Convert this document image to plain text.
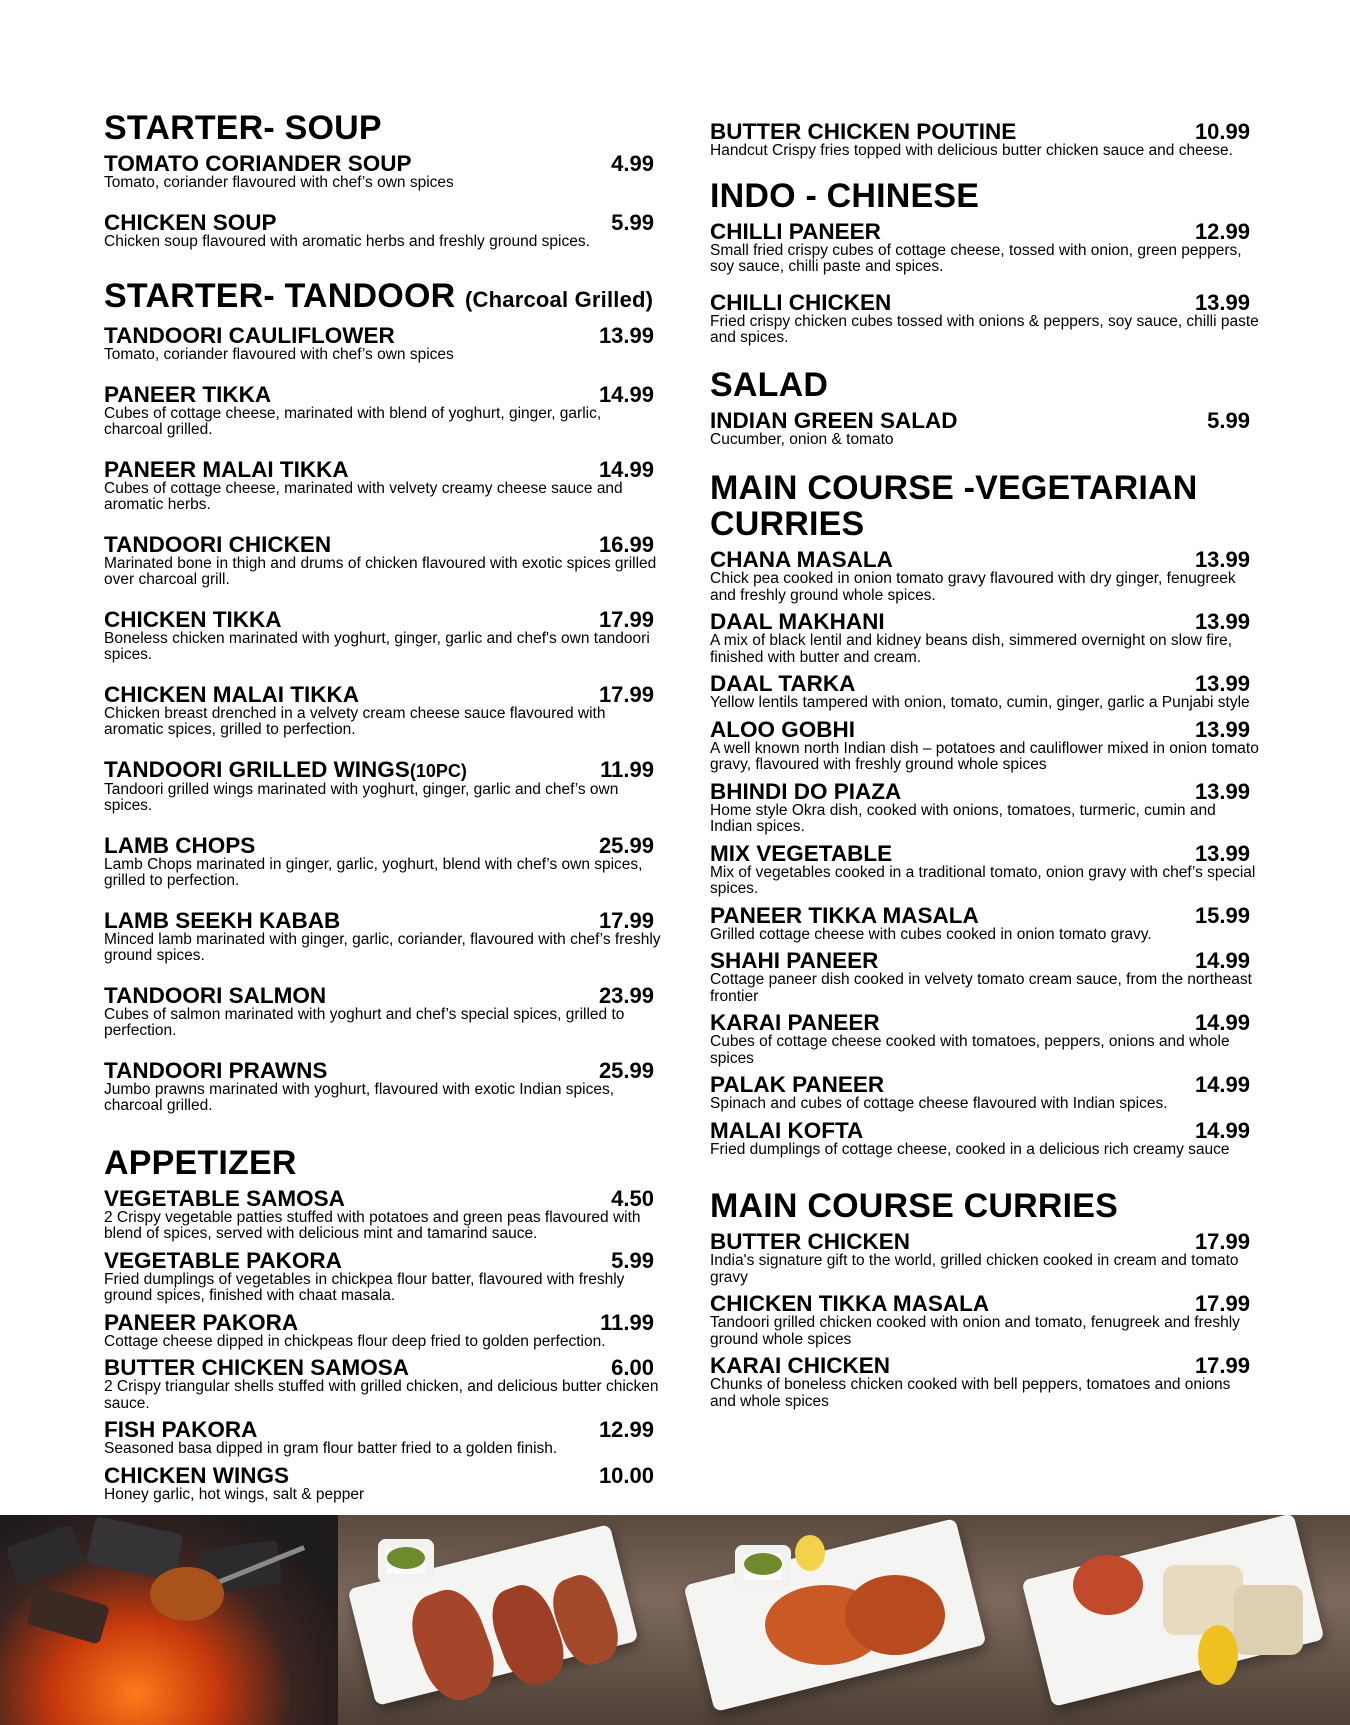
STARTER- SOUP
TOMATO CORIANDER SOUP	4.99
Tomato, coriander flavoured with chef’s own spices
CHICKEN SOUP	5.99
Chicken soup flavoured with aromatic herbs and freshly ground spices.
STARTER- TANDOOR (Charcoal Grilled)
TANDOORI CAULIFLOWER	13.99
Tomato, coriander flavoured with chef’s own spices
PANEER TIKKA	14.99
Cubes of cottage cheese, marinated with blend of yoghurt, ginger, garlic, charcoal grilled.
PANEER MALAI TIKKA	14.99
Cubes of cottage cheese, marinated with velvety creamy cheese sauce and aromatic herbs.
TANDOORI CHICKEN	16.99
Marinated bone in thigh and drums of chicken flavoured with exotic spices grilled over charcoal grill.
CHICKEN TIKKA	17.99
Boneless chicken marinated with yoghurt, ginger, garlic and chef's own tandoori spices.
CHICKEN MALAI TIKKA	17.99
Chicken breast drenched in a velvety cream cheese sauce flavoured with aromatic spices, grilled to perfection.
TANDOORI GRILLED WINGS(10PC)	11.99
Tandoori grilled wings marinated with yoghurt, ginger, garlic and chef’s own spices.
LAMB CHOPS	25.99
Lamb Chops marinated in ginger, garlic, yoghurt, blend with chef’s own spices, grilled to perfection.
LAMB SEEKH KABAB	17.99
Minced lamb marinated with ginger, garlic, coriander, flavoured with chef’s freshly ground spices.
TANDOORI SALMON	23.99
Cubes of salmon marinated with yoghurt and chef’s special spices, grilled to perfection.
TANDOORI PRAWNS	25.99
Jumbo prawns marinated with yoghurt, flavoured with exotic Indian spices, charcoal grilled.
APPETIZER
VEGETABLE SAMOSA	4.50
2 Crispy vegetable patties stuffed with potatoes and green peas flavoured with blend of spices, served with delicious mint and tamarind sauce.
VEGETABLE PAKORA	5.99
Fried dumplings of vegetables in chickpea flour batter, flavoured with freshly ground spices, finished with chaat masala.
PANEER PAKORA	11.99
Cottage cheese dipped in chickpeas flour deep fried to golden perfection.
BUTTER CHICKEN SAMOSA	6.00
2 Crispy triangular shells stuffed with grilled chicken, and delicious butter chicken sauce.
FISH PAKORA	12.99
Seasoned basa dipped in gram flour batter fried to a golden finish.
CHICKEN WINGS	10.00
Honey garlic, hot wings, salt & pepper
BUTTER CHICKEN POUTINE	10.99
Handcut Crispy fries topped with delicious butter chicken sauce and cheese.
INDO - CHINESE
CHILLI PANEER	12.99
Small fried crispy cubes of cottage cheese, tossed with onion, green peppers, soy sauce, chilli paste and spices.
CHILLI CHICKEN	13.99
Fried crispy chicken cubes tossed with onions & peppers, soy sauce, chilli paste and spices.
SALAD
INDIAN GREEN SALAD	5.99
Cucumber, onion & tomato
MAIN COURSE -VEGETARIAN CURRIES
CHANA MASALA	13.99
Chick pea cooked in onion tomato gravy flavoured with dry ginger, fenugreek and freshly ground whole spices.
DAAL MAKHANI	13.99
A mix of black lentil and kidney beans dish, simmered overnight on slow fire, finished with butter and cream.
DAAL TARKA	13.99
Yellow lentils tampered with onion, tomato, cumin, ginger, garlic a Punjabi style
ALOO GOBHI	13.99
A well known north Indian dish – potatoes and cauliflower mixed in onion tomato gravy, flavoured with freshly ground whole spices
BHINDI DO PIAZA	13.99
Home style Okra dish, cooked with onions, tomatoes, turmeric, cumin and Indian spices.
MIX VEGETABLE	13.99
Mix of vegetables cooked in a traditional tomato, onion gravy with chef’s special spices.
PANEER TIKKA MASALA	15.99
Grilled cottage cheese with cubes cooked in onion tomato gravy.
SHAHI PANEER	14.99
Cottage paneer dish cooked in velvety tomato cream sauce, from the northeast frontier
KARAI PANEER	14.99
Cubes of cottage cheese cooked with tomatoes, peppers, onions and whole spices
PALAK PANEER	14.99
Spinach and cubes of cottage cheese flavoured with Indian spices.
MALAI KOFTA	14.99
Fried dumplings of cottage cheese, cooked in a delicious rich creamy sauce
MAIN COURSE CURRIES
BUTTER CHICKEN	17.99
India's signature gift to the world, grilled chicken cooked in cream and tomato gravy
CHICKEN TIKKA MASALA	17.99
Tandoori grilled chicken cooked with onion and tomato, fenugreek and freshly ground whole spices
KARAI CHICKEN	17.99
Chunks of boneless chicken cooked with bell peppers, tomatoes and onions and whole spices
